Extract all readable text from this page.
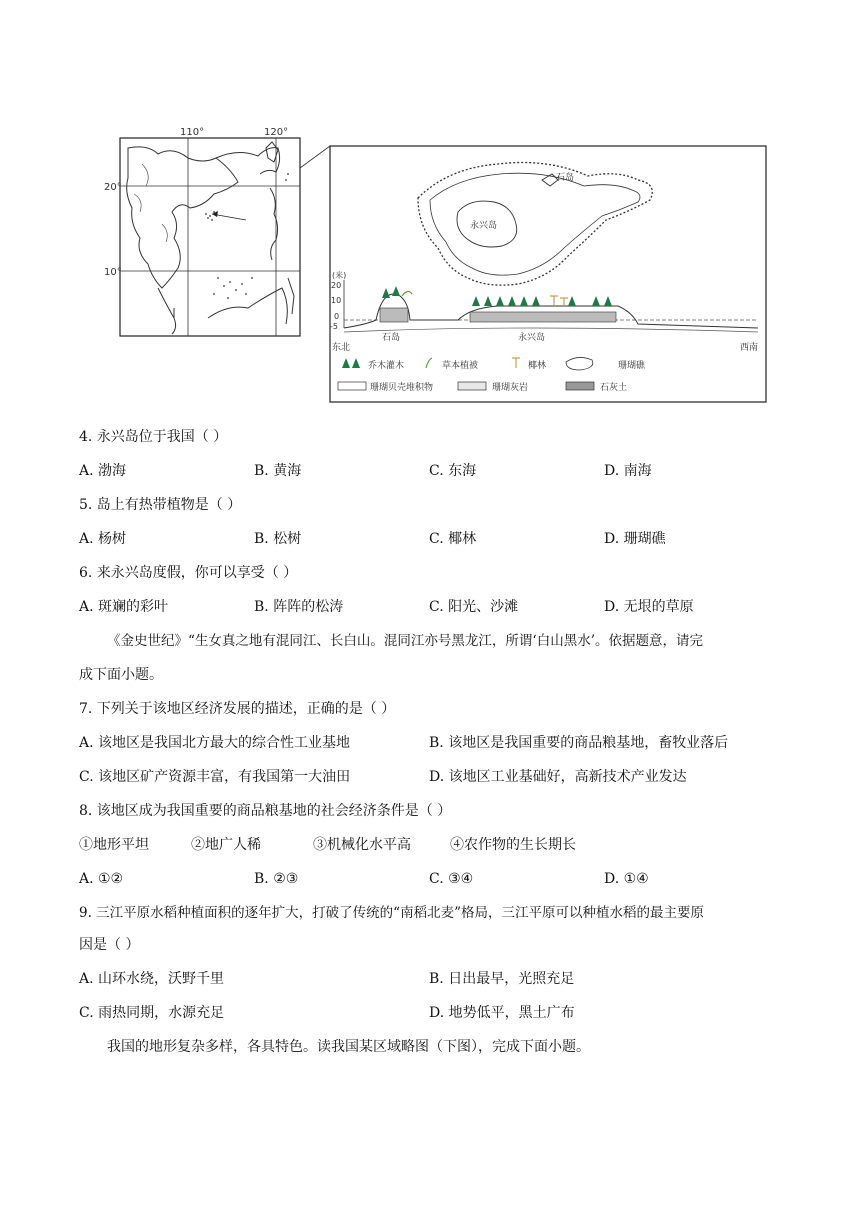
110°	120°
20°
10°
永兴岛
石岛
(米)
20
10
0
-5
东北	西南
石岛	永兴岛
乔木灌木	草本植被	椰林	珊瑚礁
珊瑚贝壳堆积物	珊瑚灰岩	石灰土
4. 永兴岛位于我国（ ）
A. 渤海	B. 黄海	C. 东海	D. 南海
5. 岛上有热带植物是（ ）
A. 杨树	B. 松树	C. 椰林	D. 珊瑚礁
6. 来永兴岛度假，你可以享受（ ）
A. 斑斓的彩叶	B. 阵阵的松涛	C. 阳光、沙滩	D. 无垠的草原
《金史世纪》“生女真之地有混同江、长白山。混同江亦号黑龙江，所谓‘白山黑水’。依据题意，请完
成下面小题。
7. 下列关于该地区经济发展的描述，正确的是（ ）
A. 该地区是我国北方最大的综合性工业基地	B. 该地区是我国重要的商品粮基地，畜牧业落后
C. 该地区矿产资源丰富，有我国第一大油田	D. 该地区工业基础好，高新技术产业发达
8. 该地区成为我国重要的商品粮基地的社会经济条件是（ ）
①地形平坦	②地广人稀	③机械化水平高	④农作物的生长期长
A. ①②	B. ②③	C. ③④	D. ①④
9. 三江平原水稻种植面积的逐年扩大，打破了传统的“南稻北麦”格局，三江平原可以种植水稻的最主要原
因是（ ）
A. 山环水绕，沃野千里	B. 日出最早，光照充足
C. 雨热同期，水源充足	D. 地势低平，黑土广布
我国的地形复杂多样，各具特色。读我国某区域略图（下图），完成下面小题。
